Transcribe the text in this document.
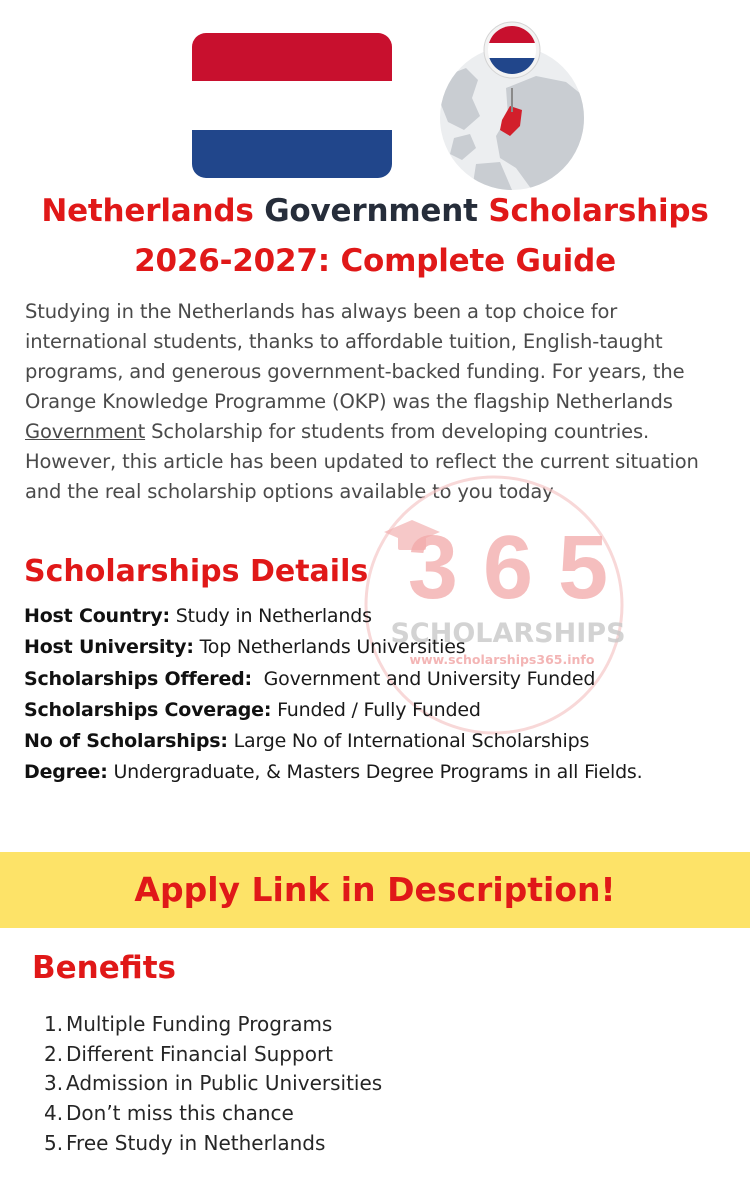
Netherlands Government Scholarships
2026-2027: Complete Guide

Studying in the Netherlands has always been a top choice for international students, thanks to affordable tuition, English-taught programs, and generous government-backed funding. For years, the Orange Knowledge Programme (OKP) was the flagship Netherlands Government Scholarship for students from developing countries. However, this article has been updated to reflect the current situation and the real scholarship options available to you today

3 6 5
SCHOLARSHIPS
www.scholarships365.info
Scholarships Details
Host Country: Study in Netherlands
Host University: Top Netherlands Universities
Scholarships Offered:  Government and University Funded
Scholarships Coverage: Funded / Fully Funded
No of Scholarships: Large No of International Scholarships
Degree: Undergraduate, & Masters Degree Programs in all Fields.
Apply Link in Description!
Benefits
1. Multiple Funding Programs
2. Different Financial Support
3. Admission in Public Universities
4. Don’t miss this chance
5. Free Study in Netherlands
